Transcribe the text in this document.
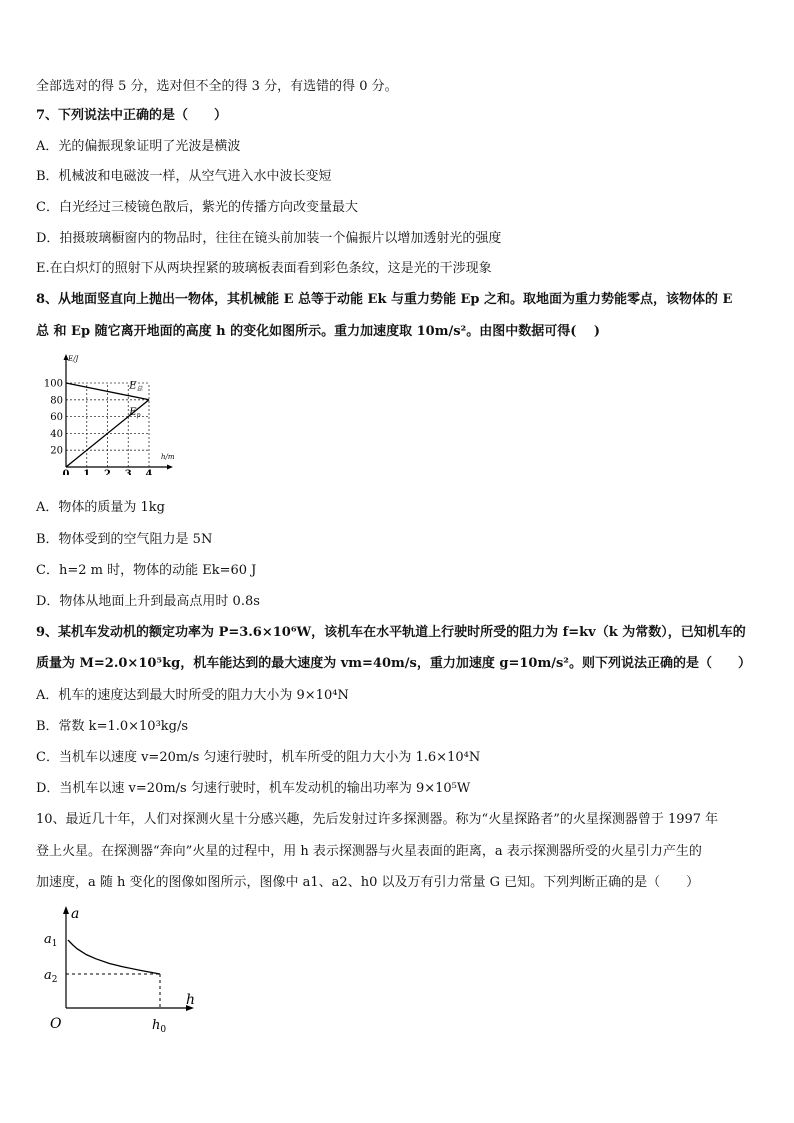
全部选对的得 5 分，选对但不全的得 3 分，有选错的得 0 分。
7、下列说法中正确的是（　　）
A．光的偏振现象证明了光波是横波
B．机械波和电磁波一样，从空气进入水中波长变短
C．白光经过三棱镜色散后，紫光的传播方向改变量最大
D．拍摄玻璃橱窗内的物品时，往往在镜头前加装一个偏振片以增加透射光的强度
E.在白炽灯的照射下从两块捏紧的玻璃板表面看到彩色条纹，这是光的干涉现象
8、从地面竖直向上抛出一物体，其机械能 E 总等于动能 Ek 与重力势能 Ep 之和。取地面为重力势能零点，该物体的 E
总 和 Ep 随它离开地面的高度 h 的变化如图所示。重力加速度取 10m/s²。由图中数据可得(　 )
E/J
h/m
0 1 2 3 4
20
40
60
80
100	$E_总$
$E_p$
A．物体的质量为 1kg
B．物体受到的空气阻力是 5N
C．h=2 m 时，物体的动能 Ek=60 J
D．物体从地面上升到最高点用时 0.8s
9、某机车发动机的额定功率为 P=3.6×10⁶W，该机车在水平轨道上行驶时所受的阻力为 f=kv（k 为常数），已知机车的
质量为 M=2.0×10⁵kg，机车能达到的最大速度为 vm=40m/s，重力加速度 g=10m/s²。则下列说法正确的是（　　）
A．机车的速度达到最大时所受的阻力大小为 9×10⁴N
B．常数 k=1.0×10³kg/s
C．当机车以速度 v=20m/s 匀速行驶时，机车所受的阻力大小为 1.6×10⁴N
D．当机车以速 v=20m/s 匀速行驶时，机车发动机的输出功率为 9×10⁵W
10、最近几十年，人们对探测火星十分感兴趣，先后发射过许多探测器。称为“火星探路者”的火星探测器曾于 1997 年
登上火星。在探测器“奔向”火星的过程中，用 h 表示探测器与火星表面的距离，a 表示探测器所受的火星引力产生的
加速度，a 随 h 变化的图像如图所示，图像中 a1、a2、h0 以及万有引力常量 G 已知。下列判断正确的是（　　）
a
h
O
$a_1$
$a_2$
$h_0$
